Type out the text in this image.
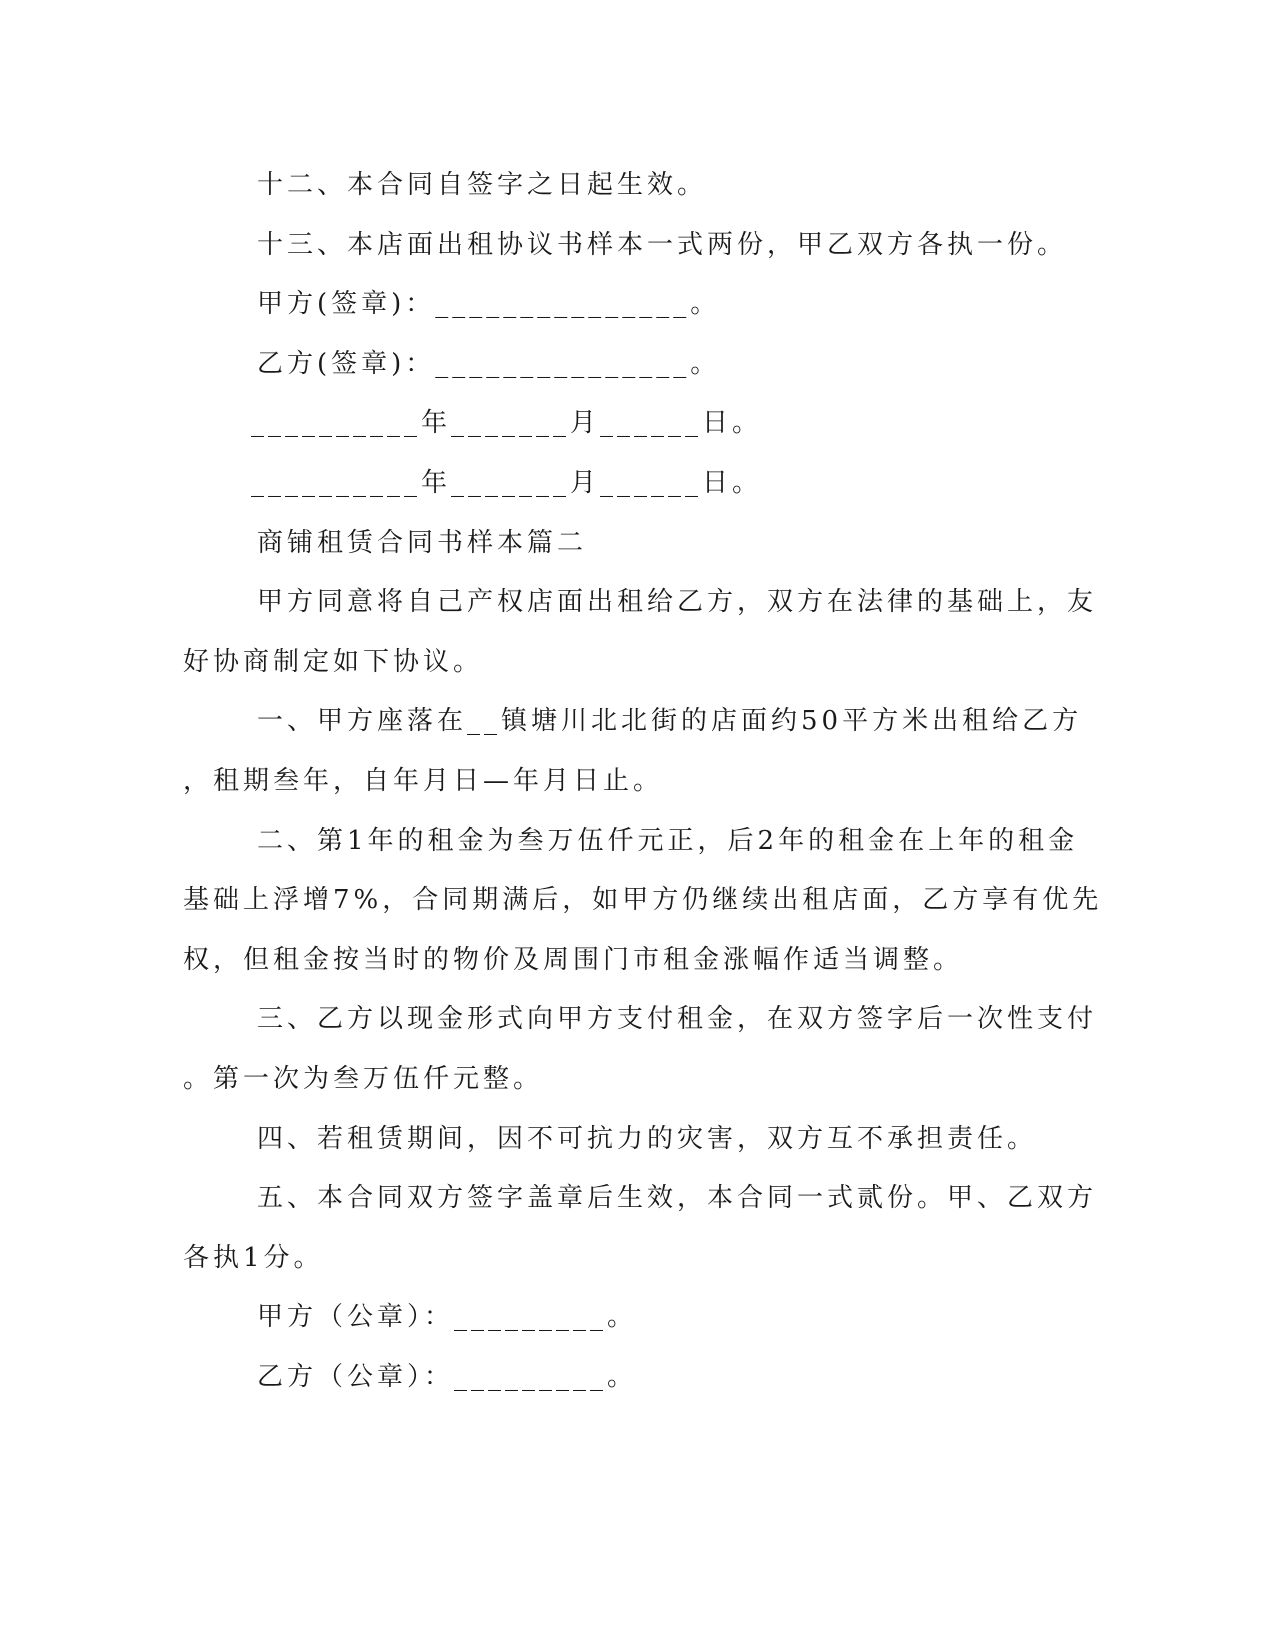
十二、本合同自签字之日起生效。
十三、本店面出租协议书样本一式两份，甲乙双方各执一份。
甲方(签章)：_______________。
乙方(签章)：_______________。
__________年_______月______日。
__________年_______月______日。
商铺租赁合同书样本篇二
甲方同意将自己产权店面出租给乙方，双方在法律的基础上，友
好协商制定如下协议。
一、甲方座落在__镇塘川北北街的店面约50平方米出租给乙方
，租期叁年，自年月日—年月日止。
二、第1年的租金为叁万伍仟元正，后2年的租金在上年的租金
基础上浮增7%，合同期满后，如甲方仍继续出租店面，乙方享有优先
权，但租金按当时的物价及周围门市租金涨幅作适当调整。
三、乙方以现金形式向甲方支付租金，在双方签字后一次性支付
。第一次为叁万伍仟元整。
四、若租赁期间，因不可抗力的灾害，双方互不承担责任。
五、本合同双方签字盖章后生效，本合同一式贰份。甲、乙双方
各执1分。
甲方（公章）：_________。
乙方（公章）：_________。
